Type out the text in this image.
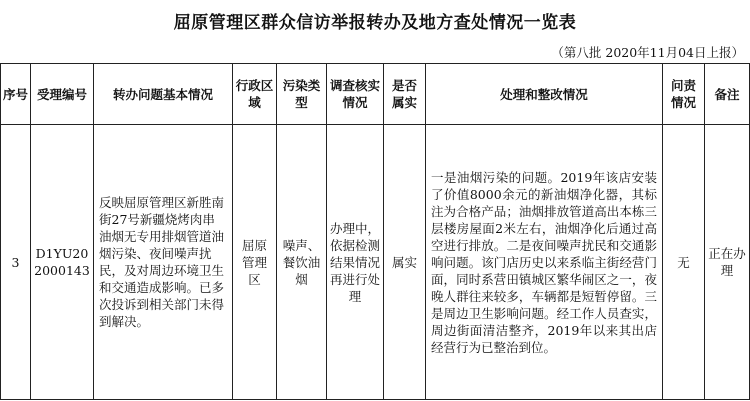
屈原管理区群众信访举报转办及地方查处情况一览表
（第八批 2020年11月04日上报）
序号	受理编号	转办问题基本情况	行政区域	污染类型	调查核实情况	是否属实	处理和整改情况	问责情况	备注
3	D1YU202000143	反映屈原管理区新胜南街27号新疆烧烤肉串油烟无专用排烟管道油烟污染、夜间噪声扰民，及对周边环境卫生和交通造成影响。已多次投诉到相关部门未得到解决。	屈原管理区	噪声、餐饮油烟	办理中，依据检测结果情况再进行处理	属实	一是油烟污染的问题。2019年该店安装了价值8000余元的新油烟净化器，其标注为合格产品；油烟排放管道高出本栋三层楼房屋面2米左右，油烟净化后通过高空进行排放。二是夜间噪声扰民和交通影响问题。该门店历史以来系临主街经营门面，同时系营田镇城区繁华闹区之一，夜晚人群往来较多，车辆都是短暂停留。三是周边卫生影响问题。经工作人员查实，周边街面清洁整齐，2019年以来其出店经营行为已整治到位。	无	正在办理
